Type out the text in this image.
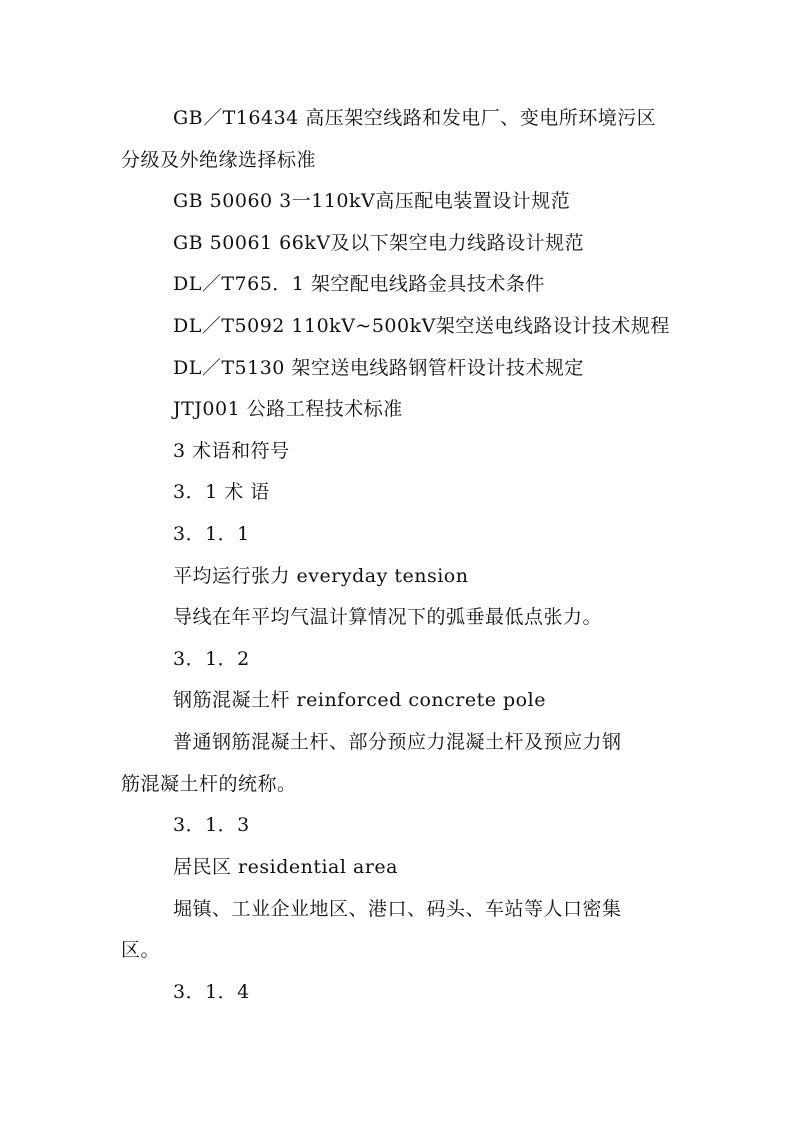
GB／T16434 高压架空线路和发电厂、变电所环境污区
分级及外绝缘选择标准
GB 50060 3一110kV高压配电装置设计规范
GB 50061 66kV及以下架空电力线路设计规范
DL／T765．1 架空配电线路金具技术条件
DL／T5092 110kV~500kV架空送电线路设计技术规程
DL／T5130 架空送电线路钢管杆设计技术规定
JTJ001 公路工程技术标准
3 术语和符号
3．1 术 语
3．1．1
平均运行张力 everyday tension
导线在年平均气温计算情况下的弧垂最低点张力。
3．1．2
钢筋混凝土杆 reinforced concrete pole
普通钢筋混凝土杆、部分预应力混凝土杆及预应力钢
筋混凝土杆的统称。
3．1．3
居民区 residential area
堀镇、工业企业地区、港口、码头、车站等人口密集
区。
3．1．4
